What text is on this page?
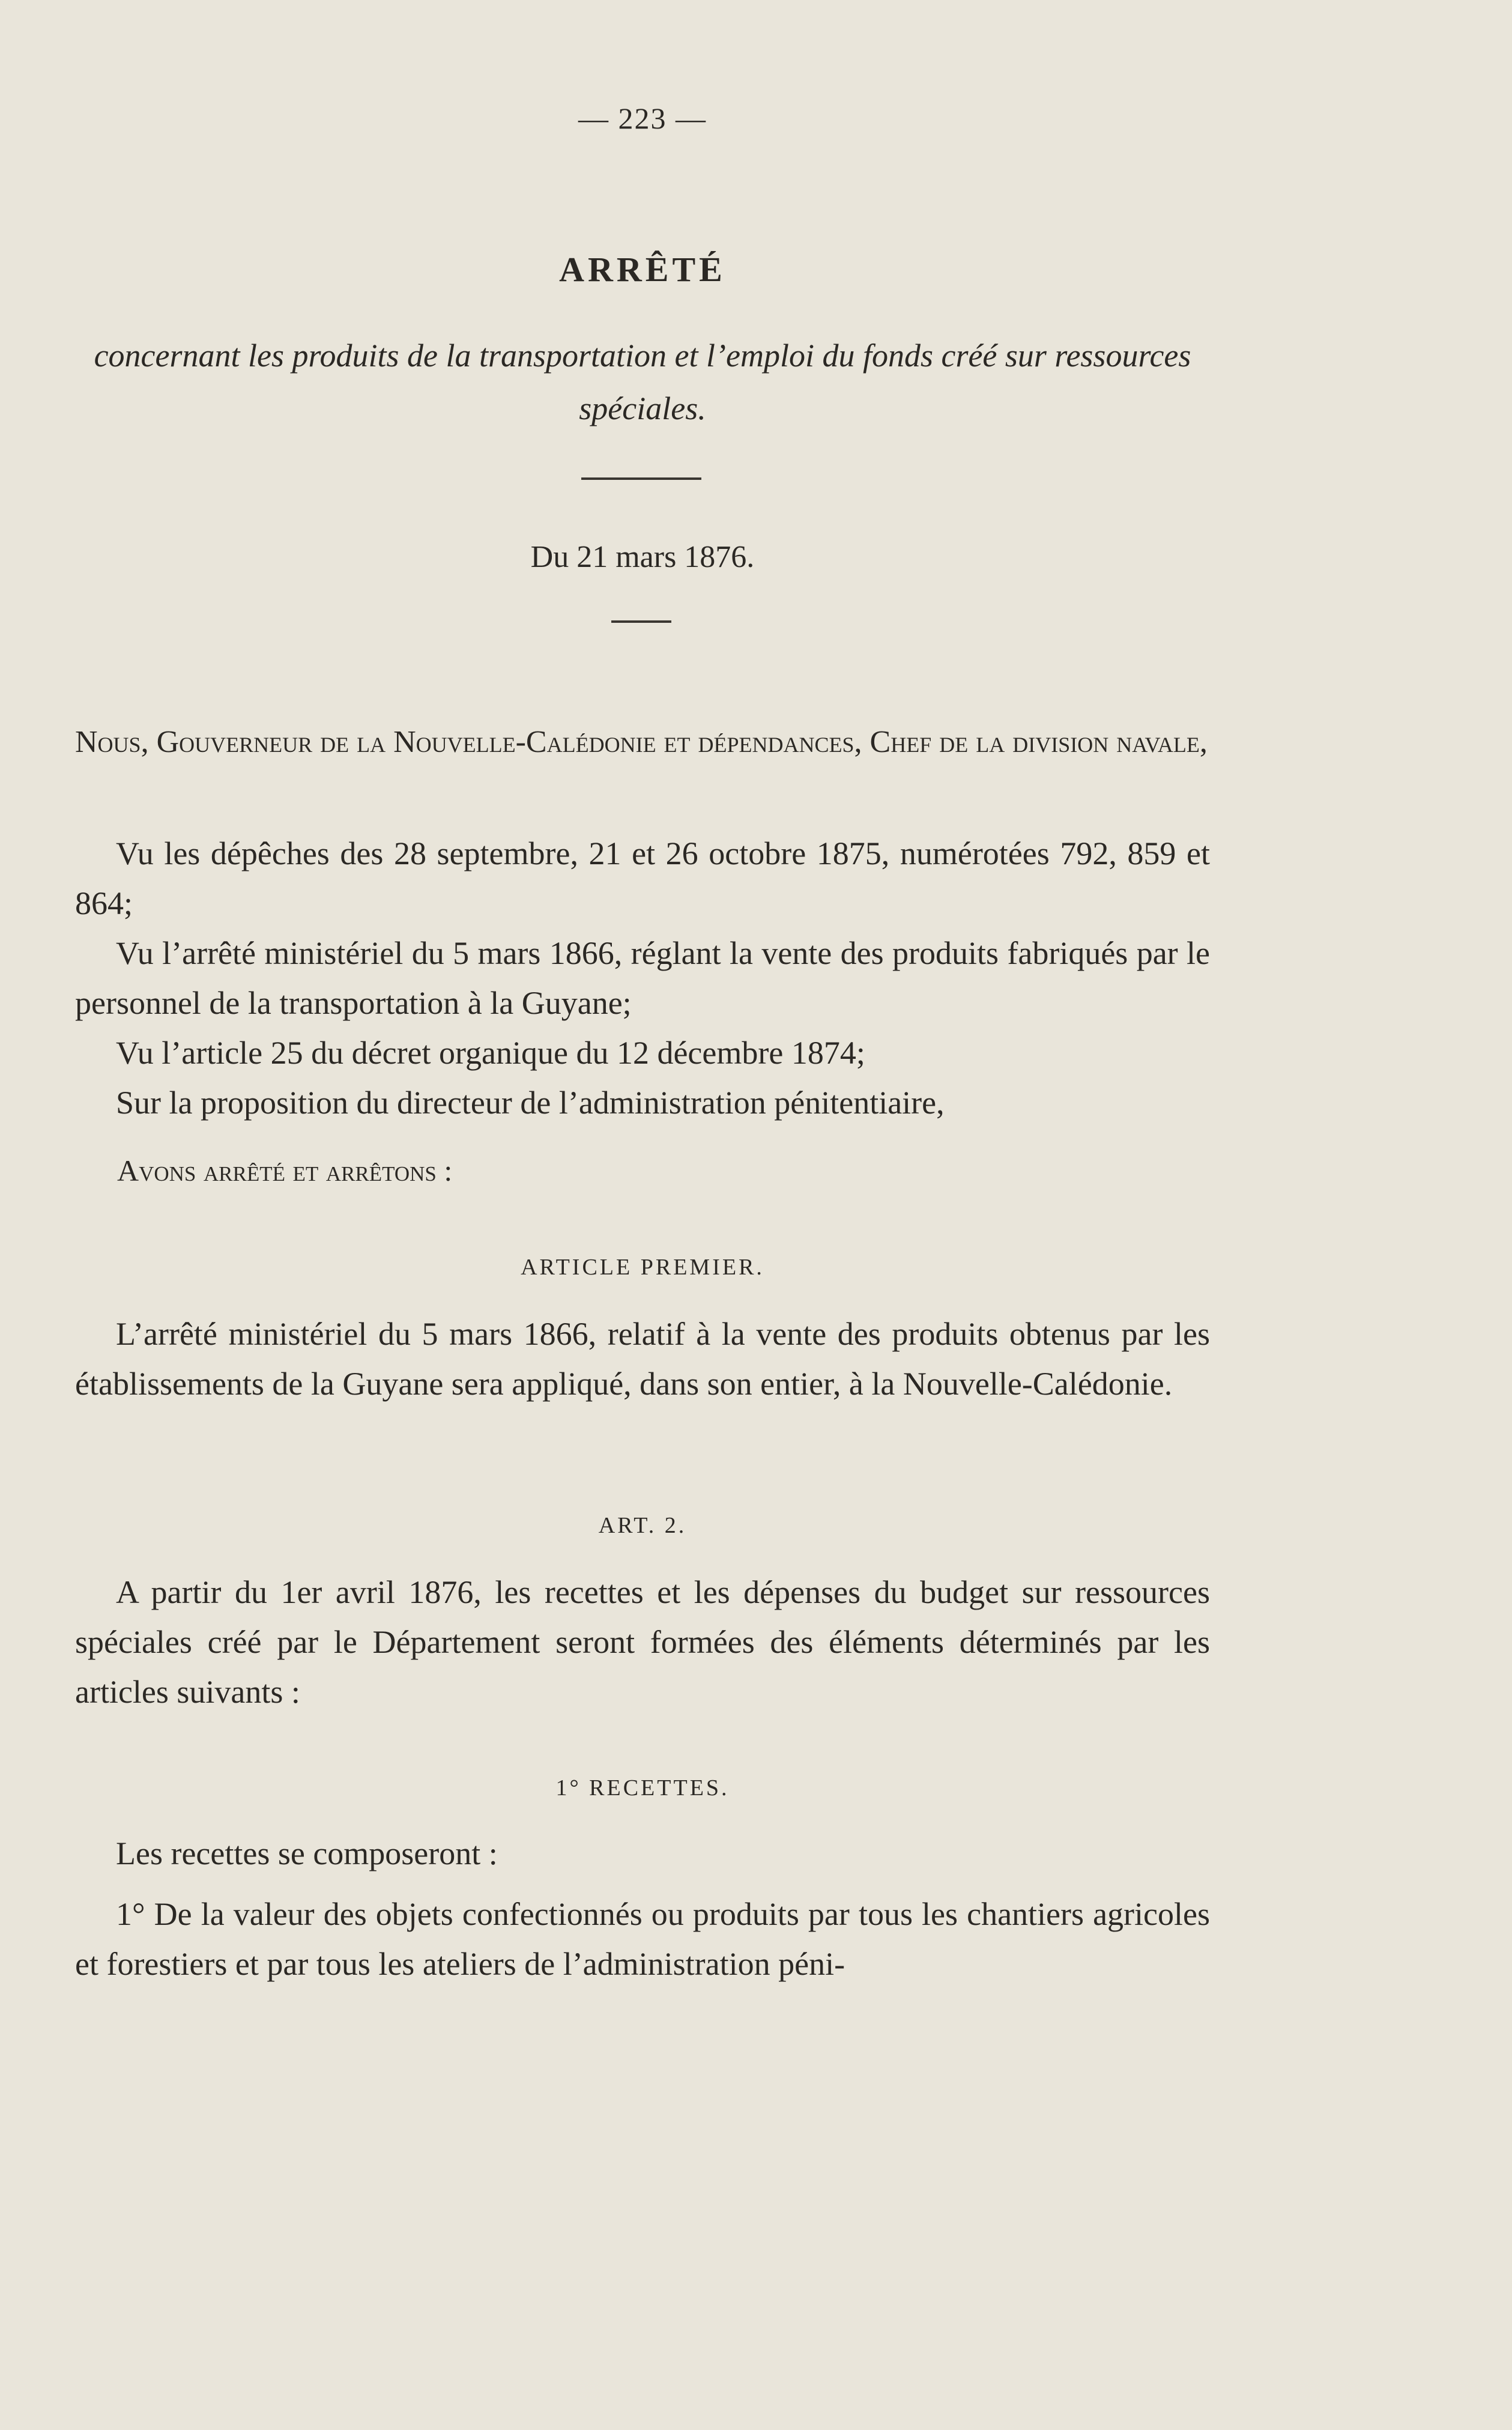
— 223 —
ARRÊTÉ
concernant les produits de la transportation et l’emploi du fonds créé sur ressources spéciales.
Du 21 mars 1876.
Nous, Gouverneur de la Nouvelle-Calédonie et dépendances, Chef de la division navale,

Vu les dépêches des 28 septembre, 21 et 26 octobre 1875, numérotées 792, 859 et 864;

Vu l’arrêté ministériel du 5 mars 1866, réglant la vente des produits fabriqués par le personnel de la transportation à la Guyane;

Vu l’article 25 du décret organique du 12 décembre 1874;

Sur la proposition du directeur de l’administration pénitentiaire,

Avons arrêté et arrêtons :
ARTICLE PREMIER.

L’arrêté ministériel du 5 mars 1866, relatif à la vente des produits obtenus par les établissements de la Guyane sera appliqué, dans son entier, à la Nouvelle-Calédonie.

ART. 2.

A partir du 1er avril 1876, les recettes et les dépenses du budget sur ressources spéciales créé par le Département seront formées des éléments déterminés par les articles suivants :

1° RECETTES.

Les recettes se composeront :

1° De la valeur des objets confectionnés ou produits par tous les chantiers agricoles et forestiers et par tous les ateliers de l’administration péni-
